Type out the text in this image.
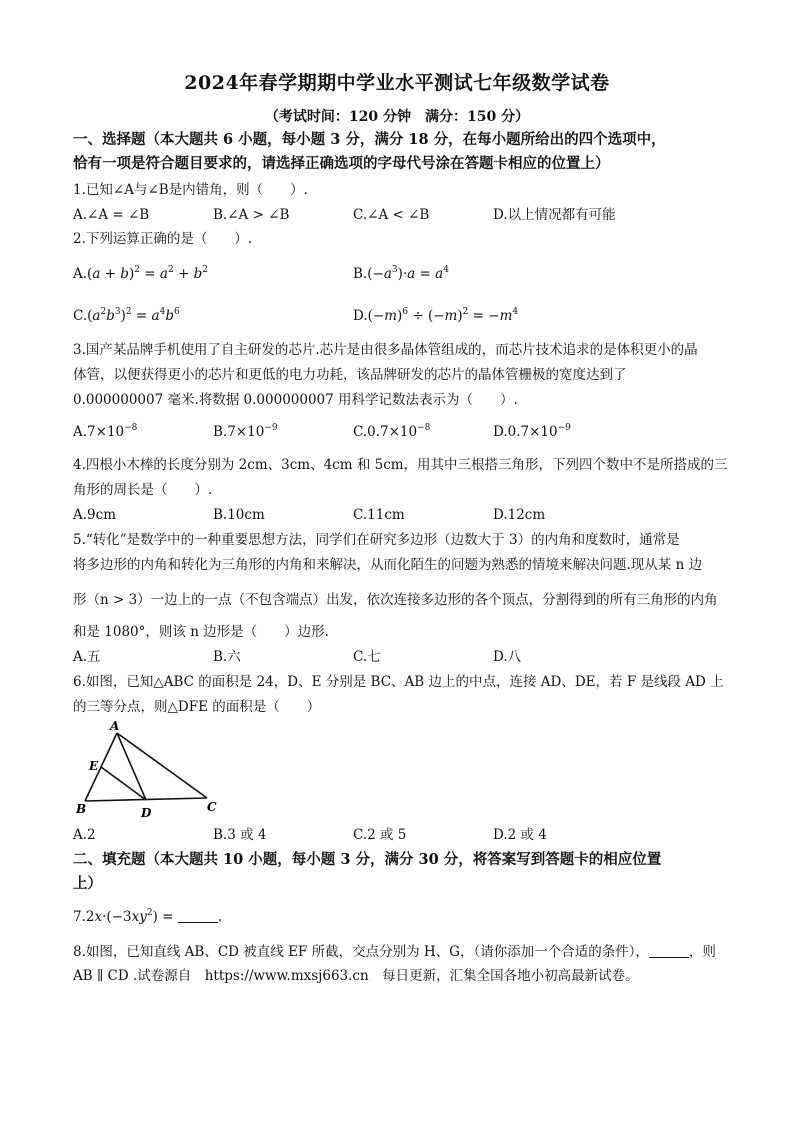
2024年春学期期中学业水平测试七年级数学试卷
（考试时间：120 分钟　满分：150 分）
一、选择题（本大题共 6 小题，每小题 3 分，满分 18 分，在每小题所给出的四个选项中，
恰有一项是符合题目要求的，请选择正确选项的字母代号涂在答题卡相应的位置上）
1.已知∠A与∠B是内错角，则（　　）.
A.∠A = ∠B	B.∠A > ∠B	C.∠A < ∠B	D.以上情况都有可能
2.下列运算正确的是（　　）.
$A.(a + b)^2 = a^2 + b^2$	$B.(-a^3)\cdot a = a^4$
$C.(a^2b^3)^2 = a^4b^6$	$D.(-m)^6 \div (-m)^2 = -m^4$
3.国产某品牌手机使用了自主研发的芯片.芯片是由很多晶体管组成的，而芯片技术追求的是体积更小的晶
体管，以便获得更小的芯片和更低的电力功耗，该品牌研发的芯片的晶体管栅极的宽度达到了
0.000000007 毫米.将数据 0.000000007 用科学记数法表示为（　　）.
$A.7\times 10^{-8}$	$B.7\times 10^{-9}$	$C.0.7\times 10^{-8}$	$D.0.7\times 10^{-9}$
4.四根小木棒的长度分别为 2cm、3cm、4cm 和 5cm，用其中三根搭三角形，下列四个数中不是所搭成的三
角形的周长是（　　）.
A.9cm	B.10cm	C.11cm	D.12cm
5.“转化”是数学中的一种重要思想方法，同学们在研究多边形（边数大于 3）的内角和度数时，通常是
将多边形的内角和转化为三角形的内角和来解决，从而化陌生的问题为熟悉的情境来解决问题.现从某 n 边
形（n > 3）一边上的一点（不包含端点）出发，依次连接多边形的各个顶点，分割得到的所有三角形的内角
和是 1080°，则该 n 边形是（　　）边形.
A.五	B.六	C.七	D.八
6.如图，已知△ABC 的面积是 24，D、E 分别是 BC、AB 边上的中点，连接 AD、DE，若 F 是线段 AD 上
的三等分点，则△DFE 的面积是（　　）
A
E
B	D	C
A.2	B.3 或 4	C.2 或 5	D.2 或 4
二、填充题（本大题共 10 小题，每小题 3 分，满分 30 分，将答案写到答题卡的相应位置
上）
$7.2x\cdot(-3xy^2)$ =	.
8.如图，已知直线 AB、CD 被直线 EF 所截，交点分别为 H、G，（请你添加一个合适的条件），	，则
AB ∥ CD .试卷源自　https://www.mxsj663.cn　每日更新，汇集全国各地小初高最新试卷。
